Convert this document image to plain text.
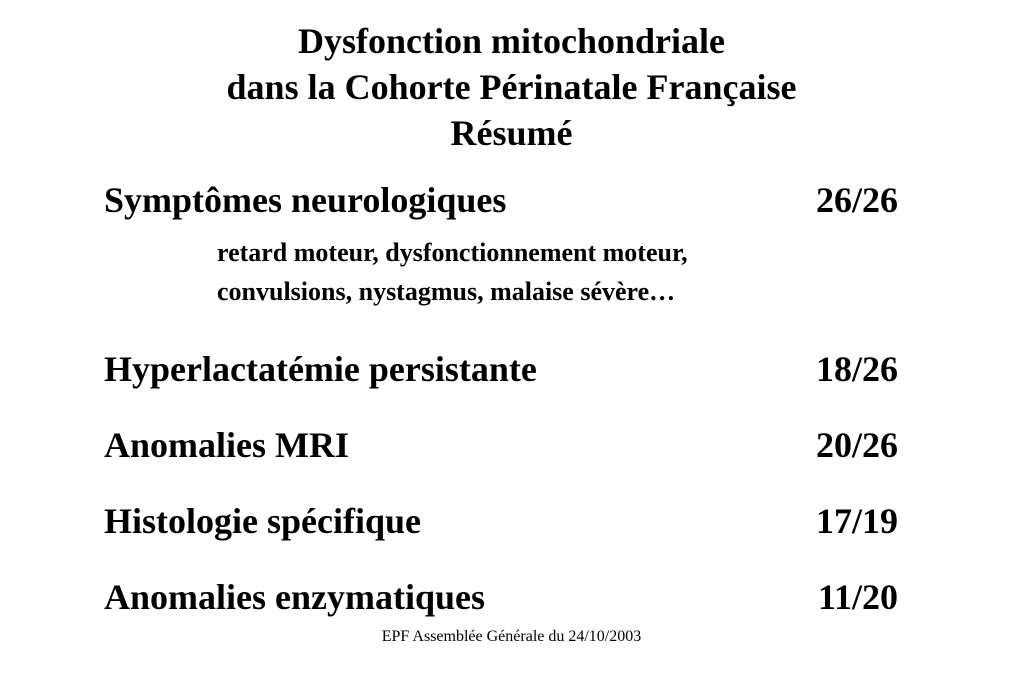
Dysfonction mitochondriale
dans la Cohorte Périnatale Française
Résumé
Symptômes neurologiques	26/26
retard moteur, dysfonctionnement moteur,
convulsions, nystagmus, malaise sévère…
Hyperlactatémie persistante	18/26
Anomalies MRI	20/26
Histologie spécifique	17/19
Anomalies enzymatiques	11/20
EPF Assemblée Générale du 24/10/2003
